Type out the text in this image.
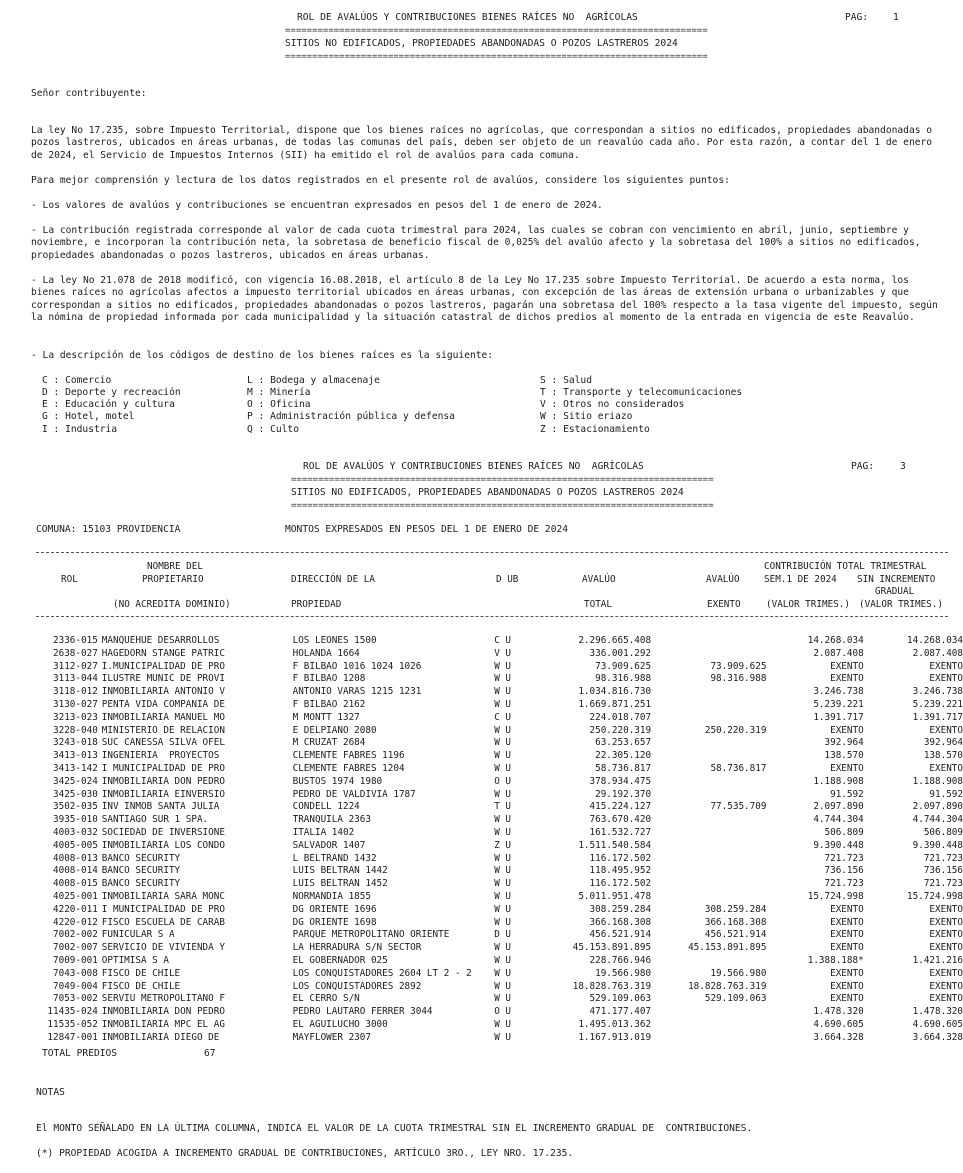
ROL DE AVALÚOS Y CONTRIBUCIONES BIENES RAÍCES NO  AGRÍCOLAS	PAG:	1
==============================================================================
SITIOS NO EDIFICADOS, PROPIEDADES ABANDONADAS O POZOS LASTREROS 2024
==============================================================================
Señor contribuyente:
La ley No 17.235, sobre Impuesto Territorial, dispone que los bienes raíces no agrícolas, que correspondan a sitios no edificados, propiedades abandonadas o pozos lastreros, ubicados en áreas urbanas, de todas las comunas del país, deben ser objeto de un reavalúo cada año. Por esta razón, a contar del 1 de enero de 2024, el Servicio de Impuestos Internos (SII) ha emitido el rol de avalúos para cada comuna.
Para mejor comprensión y lectura de los datos registrados en el presente rol de avalúos, considere los siguientes puntos:
- Los valores de avalúos y contribuciones se encuentran expresados en pesos del 1 de enero de 2024.
- La contribución registrada corresponde al valor de cada cuota trimestral para 2024, las cuales se cobran con vencimiento en abril, junio, septiembre y noviembre, e incorporan la contribución neta, la sobretasa de beneficio fiscal de 0,025% del avalúo afecto y la sobretasa del 100% a sitios no edificados, propiedades abandonadas o pozos lastreros, ubicados en áreas urbanas.
- La ley No 21.078 de 2018 modificó, con vigencia 16.08.2018, el artículo 8 de la Ley No 17.235 sobre Impuesto Territorial. De acuerdo a esta norma, los bienes raíces no agrícolas afectos a impuesto territorial ubicados en áreas urbanas, con excepción de las áreas de extensión urbana o urbanizables y que correspondan a sitios no edificados, propiedades abandonadas o pozos lastreros, pagarán una sobretasa del 100% respecto a la tasa vigente del impuesto, según la nómina de propiedad informada por cada municipalidad y la situación catastral de dichos predios al momento de la entrada en vigencia de este Reavalúo.
- La descripción de los códigos de destino de los bienes raíces es la siguiente:
C : Comercio	L : Bodega y almacenaje	S : Salud
D : Deporte y recreación	M : Minería	T : Transporte y telecomunicaciones
E : Educación y cultura	O : Oficina	V : Otros no considerados
G : Hotel, motel	P : Administración pública y defensa	W : Sitio eriazo
I : Industria	Q : Culto	Z : Estacionamiento
ROL DE AVALÚOS Y CONTRIBUCIONES BIENES RAÍCES NO  AGRÍCOLAS	PAG:	3
==============================================================================
SITIOS NO EDIFICADOS, PROPIEDADES ABANDONADAS O POZOS LASTREROS 2024
==============================================================================
COMUNA: 15103 PROVIDENCIA	MONTOS EXPRESADOS EN PESOS DEL 1 DE ENERO DE 2024
NOMBRE DEL
PROPIETARIO
(NO ACREDITA DOMINIO)
ROL	DIRECCIÓN DE LA
PROPIEDAD
D UB	AVALÚO
TOTAL
AVALÚO
EXENTO
CONTRIBUCIÓN TOTAL TRIMESTRAL
SEM.1 DE 2024
(VALOR TRIMES.)
SIN INCREMENTO
GRADUAL
(VALOR TRIMES.)
2336-015	MANQUEHUE DESARROLLOS	LOS LEONES 1500	C U	2.296.665.408		14.268.034	14.268.034
2638-027	HAGEDORN STANGE PATRIC	HOLANDA 1664	V U	336.001.292		2.087.408	2.087.408
3112-027	I.MUNICIPALIDAD DE PRO	F BILBAO 1016 1024 1026	W U	73.909.625	73.909.625	EXENTO	EXENTO
3113-044	ILUSTRE MUNIC DE PROVI	F BILBAO 1208	W U	98.316.988	98.316.988	EXENTO	EXENTO
3118-012	INMOBILIARIA ANTONIO V	ANTONIO VARAS 1215 1231	W U	1.034.816.730		3.246.738	3.246.738
3130-027	PENTA VIDA COMPANIA DE	F BILBAO 2162	W U	1.669.871.251		5.239.221	5.239.221
3213-023	INMOBILIARIA MANUEL MO	M MONTT 1327	C U	224.018.707		1.391.717	1.391.717
3228-040	MINISTERIO DE RELACION	E DELPIANO 2080	W U	250.220.319	250.220.319	EXENTO	EXENTO
3243-018	SUC CANESSA SILVA OFEL	M CRUZAT 2684	W U	63.253.657		392.964	392.964
3413-013	INGENIERIA  PROYECTOS	CLEMENTE FABRES 1196	W U	22.305.120		138.570	138.570
3413-142	I MUNICIPALIDAD DE PRO	CLEMENTE FABRES 1204	W U	58.736.817	58.736.817	EXENTO	EXENTO
3425-024	INMOBILIARIA DON PEDRO	BUSTOS 1974 1980	O U	378.934.475		1.188.908	1.188.908
3425-030	INMOBILIARIA EINVERSIO	PEDRO DE VALDIVIA 1787	W U	29.192.370		91.592	91.592
3502-035	INV INMOB SANTA JULIA	CONDELL 1224	T U	415.224.127	77.535.709	2.097.890	2.097.890
3935-010	SANTIAGO SUR 1 SPA.	TRANQUILA 2363	W U	763.670.420		4.744.304	4.744.304
4003-032	SOCIEDAD DE INVERSIONE	ITALIA 1402	W U	161.532.727		506.809	506.809
4005-005	INMOBILIARIA LOS CONDO	SALVADOR 1407	Z U	1.511.540.584		9.390.448	9.390.448
4008-013	BANCO SECURITY	L BELTRAND 1432	W U	116.172.502		721.723	721.723
4008-014	BANCO SECURITY	LUIS BELTRAN 1442	W U	118.495.952		736.156	736.156
4008-015	BANCO SECURITY	LUIS BELTRAN 1452	W U	116.172.502		721.723	721.723
4025-001	INMOBILIARIA SARA MONC	NORMANDIA 1855	W U	5.011.951.478		15.724.998	15.724.998
4220-011	I MUNICIPALIDAD DE PRO	DG ORIENTE 1696	W U	308.259.284	308.259.284	EXENTO	EXENTO
4220-012	FISCO ESCUELA DE CARAB	DG ORIENTE 1698	W U	366.168.308	366.168.308	EXENTO	EXENTO
7002-002	FUNICULAR S A	PARQUE METROPOLITANO ORIENTE	D U	456.521.914	456.521.914	EXENTO	EXENTO
7002-007	SERVICIO DE VIVIENDA Y	LA HERRADURA S/N SECTOR	W U	45.153.891.895	45.153.891.895	EXENTO	EXENTO
7009-001	OPTIMISA S A	EL GOBERNADOR 025	W U	228.766.946		1.388.188*	1.421.216
7043-008	FISCO DE CHILE	LOS CONQUISTADORES 2604 LT 2 - 2	W U	19.566.980	19.566.980	EXENTO	EXENTO
7049-004	FISCO DE CHILE	LOS CONQUISTADORES 2892	W U	18.828.763.319	18.828.763.319	EXENTO	EXENTO
7053-002	SERVIU METROPOLITANO F	EL CERRO S/N	W U	529.109.063	529.109.063	EXENTO	EXENTO
11435-024	INMOBILIARIA DON PEDRO	PEDRO LAUTARO FERRER 3044	O U	471.177.407		1.478.320	1.478.320
11535-052	INMOBILIARIA MPC EL AG	EL AGUILUCHO 3000	W U	1.495.013.362		4.690.605	4.690.605
12847-001	INMOBILIARIA DIEGO DE	MAYFLOWER 2307	W U	1.167.913.019		3.664.328	3.664.328
TOTAL PREDIOS	67
NOTAS
El MONTO SEÑALADO EN LA ÚLTIMA COLUMNA, INDICA EL VALOR DE LA CUOTA TRIMESTRAL SIN EL INCREMENTO GRADUAL DE  CONTRIBUCIONES.
(*) PROPIEDAD ACOGIDA A INCREMENTO GRADUAL DE CONTRIBUCIONES, ARTÍCULO 3RO., LEY NRO. 17.235.
